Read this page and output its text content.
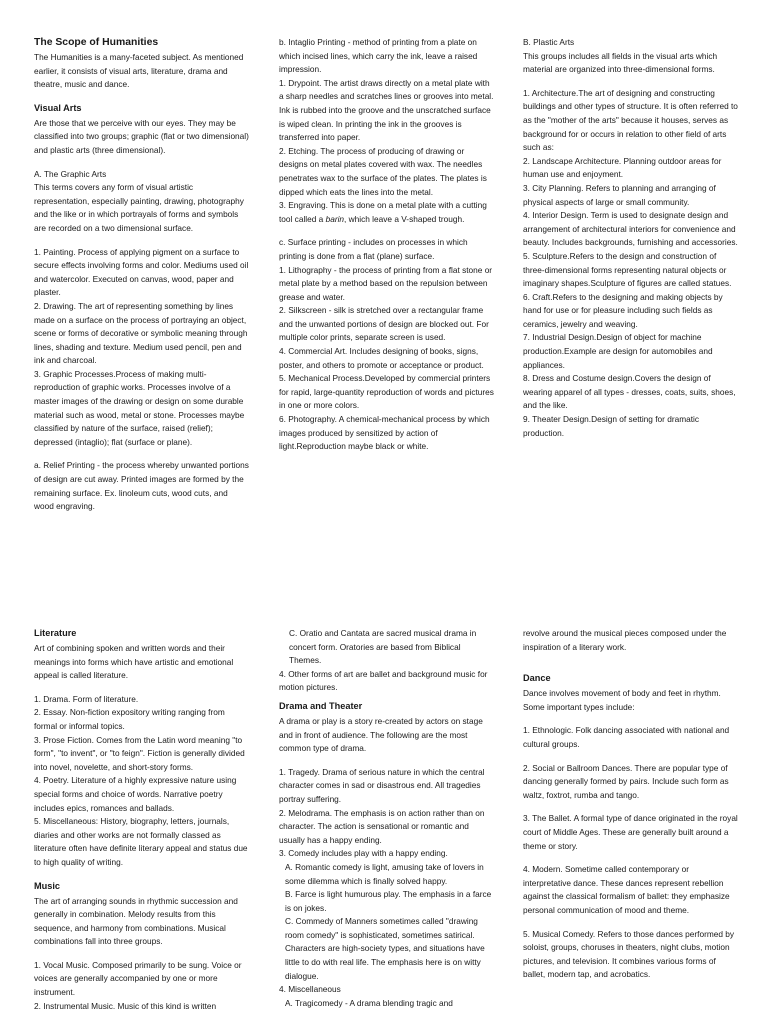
The Scope of Humanities

The Humanities is a many-faceted subject. As mentioned earlier, it consists of visual arts, literature, drama and theatre, music and dance.

Visual Arts

Are those that we perceive with our eyes. They may be classified into two groups; graphic (flat or two dimensional) and plastic arts (three dimensional).

A. The Graphic Arts

This terms covers any form of visual artistic representation, especially painting, drawing, photography and the like or in which portrayals of forms and symbols are recorded on a two dimensional surface.

1. Painting. Process of applying pigment on a surface to secure effects involving forms and color. Mediums used oil and watercolor. Executed on canvas, wood, paper and plaster.

2. Drawing. The art of representing something by lines made on a surface on the process of portraying an object, scene or forms of decorative or symbolic meaning through lines, shading and texture. Medium used pencil, pen and ink and charcoal.

3. Graphic Processes.Process of making multi-reproduction of graphic works. Processes involve of a master images of the drawing or design on some durable material such as wood, metal or stone. Processes maybe classified by nature of the surface, raised (relief); depressed (intaglio); flat (surface or plane).

a. Relief Printing - the process whereby unwanted portions of design are cut away. Printed images are formed by the remaining surface. Ex. linoleum cuts, wood cuts, and wood engraving.

b. Intaglio Printing - method of printing from a plate on which incised lines, which carry the ink, leave a raised impression.

1. Drypoint. The artist draws directly on a metal plate with a sharp needles and scratches lines or grooves into metal. Ink is rubbed into the groove and the unscratched surface is wiped clean. In printing the ink in the grooves is transferred into paper.

2. Etching. The process of producing of drawing or designs on metal plates covered with wax. The needles penetrates wax to the surface of the plates. The plates is dipped which eats the lines into the metal.

3. Engraving. This is done on a metal plate with a cutting tool called a barin, which leave a V-shaped trough.

c. Surface printing - includes on processes in which printing is done from a flat (plane) surface.

1. Lithography - the process of printing from a flat stone or metal plate by a method based on the repulsion between grease and water.

2. Silkscreen - silk is stretched over a rectangular frame and the unwanted portions of design are blocked out. For multiple color prints, separate screen is used.

4. Commercial Art. Includes designing of books, signs, poster, and others to promote or acceptance or product.

5. Mechanical Process.Developed by commercial printers for rapid, large-quantity reproduction of words and pictures in one or more colors.

6. Photography. A chemical-mechanical process by which images produced by sensitized by action of light.Reproduction maybe black or white.

B. Plastic Arts

This groups includes all fields in the visual arts which material are organized into three-dimensional forms.

1. Architecture.The art of designing and constructing buildings and other types of structure. It is often referred to as the "mother of the arts" because it houses, serves as background for or occurs in relation to other field of arts such as:

2. Landscape Architecture. Planning outdoor areas for human use and enjoyment.

3. City Planning. Refers to planning and arranging of physical aspects of large or small community.

4. Interior Design. Term is used to designate design and arrangement of architectural interiors for convenience and beauty. Includes backgrounds, furnishing and accessories.

5. Sculpture.Refers to the design and construction of three-dimensional forms representing natural objects or imaginary shapes.Sculpture of figures are called statues.

6. Craft.Refers to the designing and making objects by hand for use or for pleasure including such fields as ceramics, jewelry and weaving.

7. Industrial Design.Design of object for machine production.Example are design for automobiles and appliances.

8. Dress and Costume design.Covers the design of wearing apparel of all types - dresses, coats, suits, shoes, and the like.

9. Theater Design.Design of setting for dramatic production.

Literature

Art of combining spoken and written words and their meanings into forms which have artistic and emotional appeal is called literature.

1. Drama. Form of literature.

2. Essay. Non-fiction expository writing ranging from formal or informal topics.

3. Prose Fiction. Comes from the Latin word meaning "to form", "to invent", or "to feign". Fiction is generally divided into novel, novelette, and short-story forms.

4. Poetry. Literature of a highly expressive nature using special forms and choice of words. Narrative poetry includes epics, romances and ballads.

5. Miscellaneous: History, biography, letters, journals, diaries and other works are not formally classed as literature often have definite literary appeal and status due to high quality of writing.

Music

The art of arranging sounds in rhythmic succession and generally in combination. Melody results from this sequence, and harmony from combinations. Musical combinations fall into three groups.

1. Vocal Music. Composed primarily to be sung. Voice or voices are generally accompanied by one or more instrument.

2. Instrumental Music. Music of this kind is written

C. Oratio and Cantata are sacred musical drama in concert form. Oratories are based from Biblical Themes.

4. Other forms of art are ballet and background music for motion pictures.

Drama and Theater

A drama or play is a story re-created by actors on stage and in front of audience. The following are the most common type of drama.

1. Tragedy. Drama of serious nature in which the central character comes in sad or disastrous end. All tragedies portray suffering.

2. Melodrama. The emphasis is on action rather than on character. The action is sensational or romantic and usually has a happy ending.

3. Comedy includes play with a happy ending.

A. Romantic comedy is light, amusing take of lovers in some dilemma which is finally solved happy.

B. Farce is light humurous play. The emphasis in a farce is on jokes.

C. Commedy of Manners sometimes called "drawing room comedy" is sophisticated, sometimes satirical. Characters are high-society types, and situations have little to do with real life. The emphasis here is on witty dialogue.

4. Miscellaneous

A. Tragicomedy - A drama blending tragic and

revolve around the musical pieces composed under the inspiration of a literary work.

Dance

Dance involves movement of body and feet in rhythm. Some important types include:

1. Ethnologic. Folk dancing associated with national and cultural groups.

2. Social or Ballroom Dances. There are popular type of dancing generally formed by pairs. Include such form as waltz, foxtrot, rumba and tango.

3. The Ballet. A formal type of dance originated in the royal court of Middle Ages. These are generally built around a theme or story.

4. Modern. Sometime called contemporary or interpretative dance. These dances represent rebellion against the classical formalism of ballet: they emphasize personal communication of mood and theme.

5. Musical Comedy. Refers to those dances performed by soloist, groups, choruses in theaters, night clubs, motion pictures, and television. It combines various forms of ballet, modern tap, and acrobatics.
